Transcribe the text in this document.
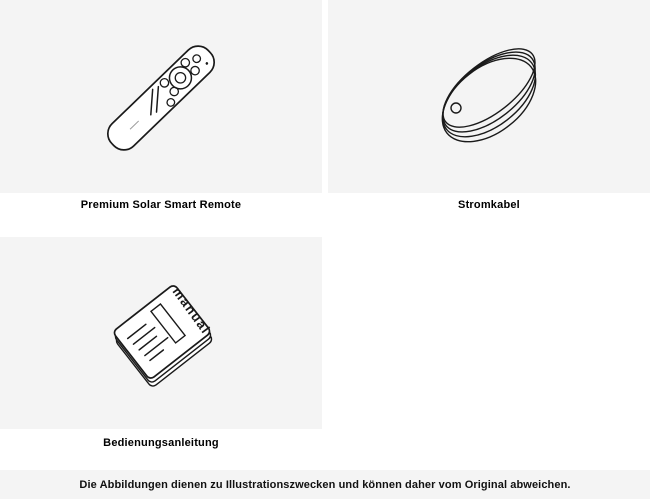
manual
Premium Solar Smart Remote	Stromkabel
Bedienungsanleitung
Die Abbildungen dienen zu Illustrationszwecken und können daher vom Original abweichen.
